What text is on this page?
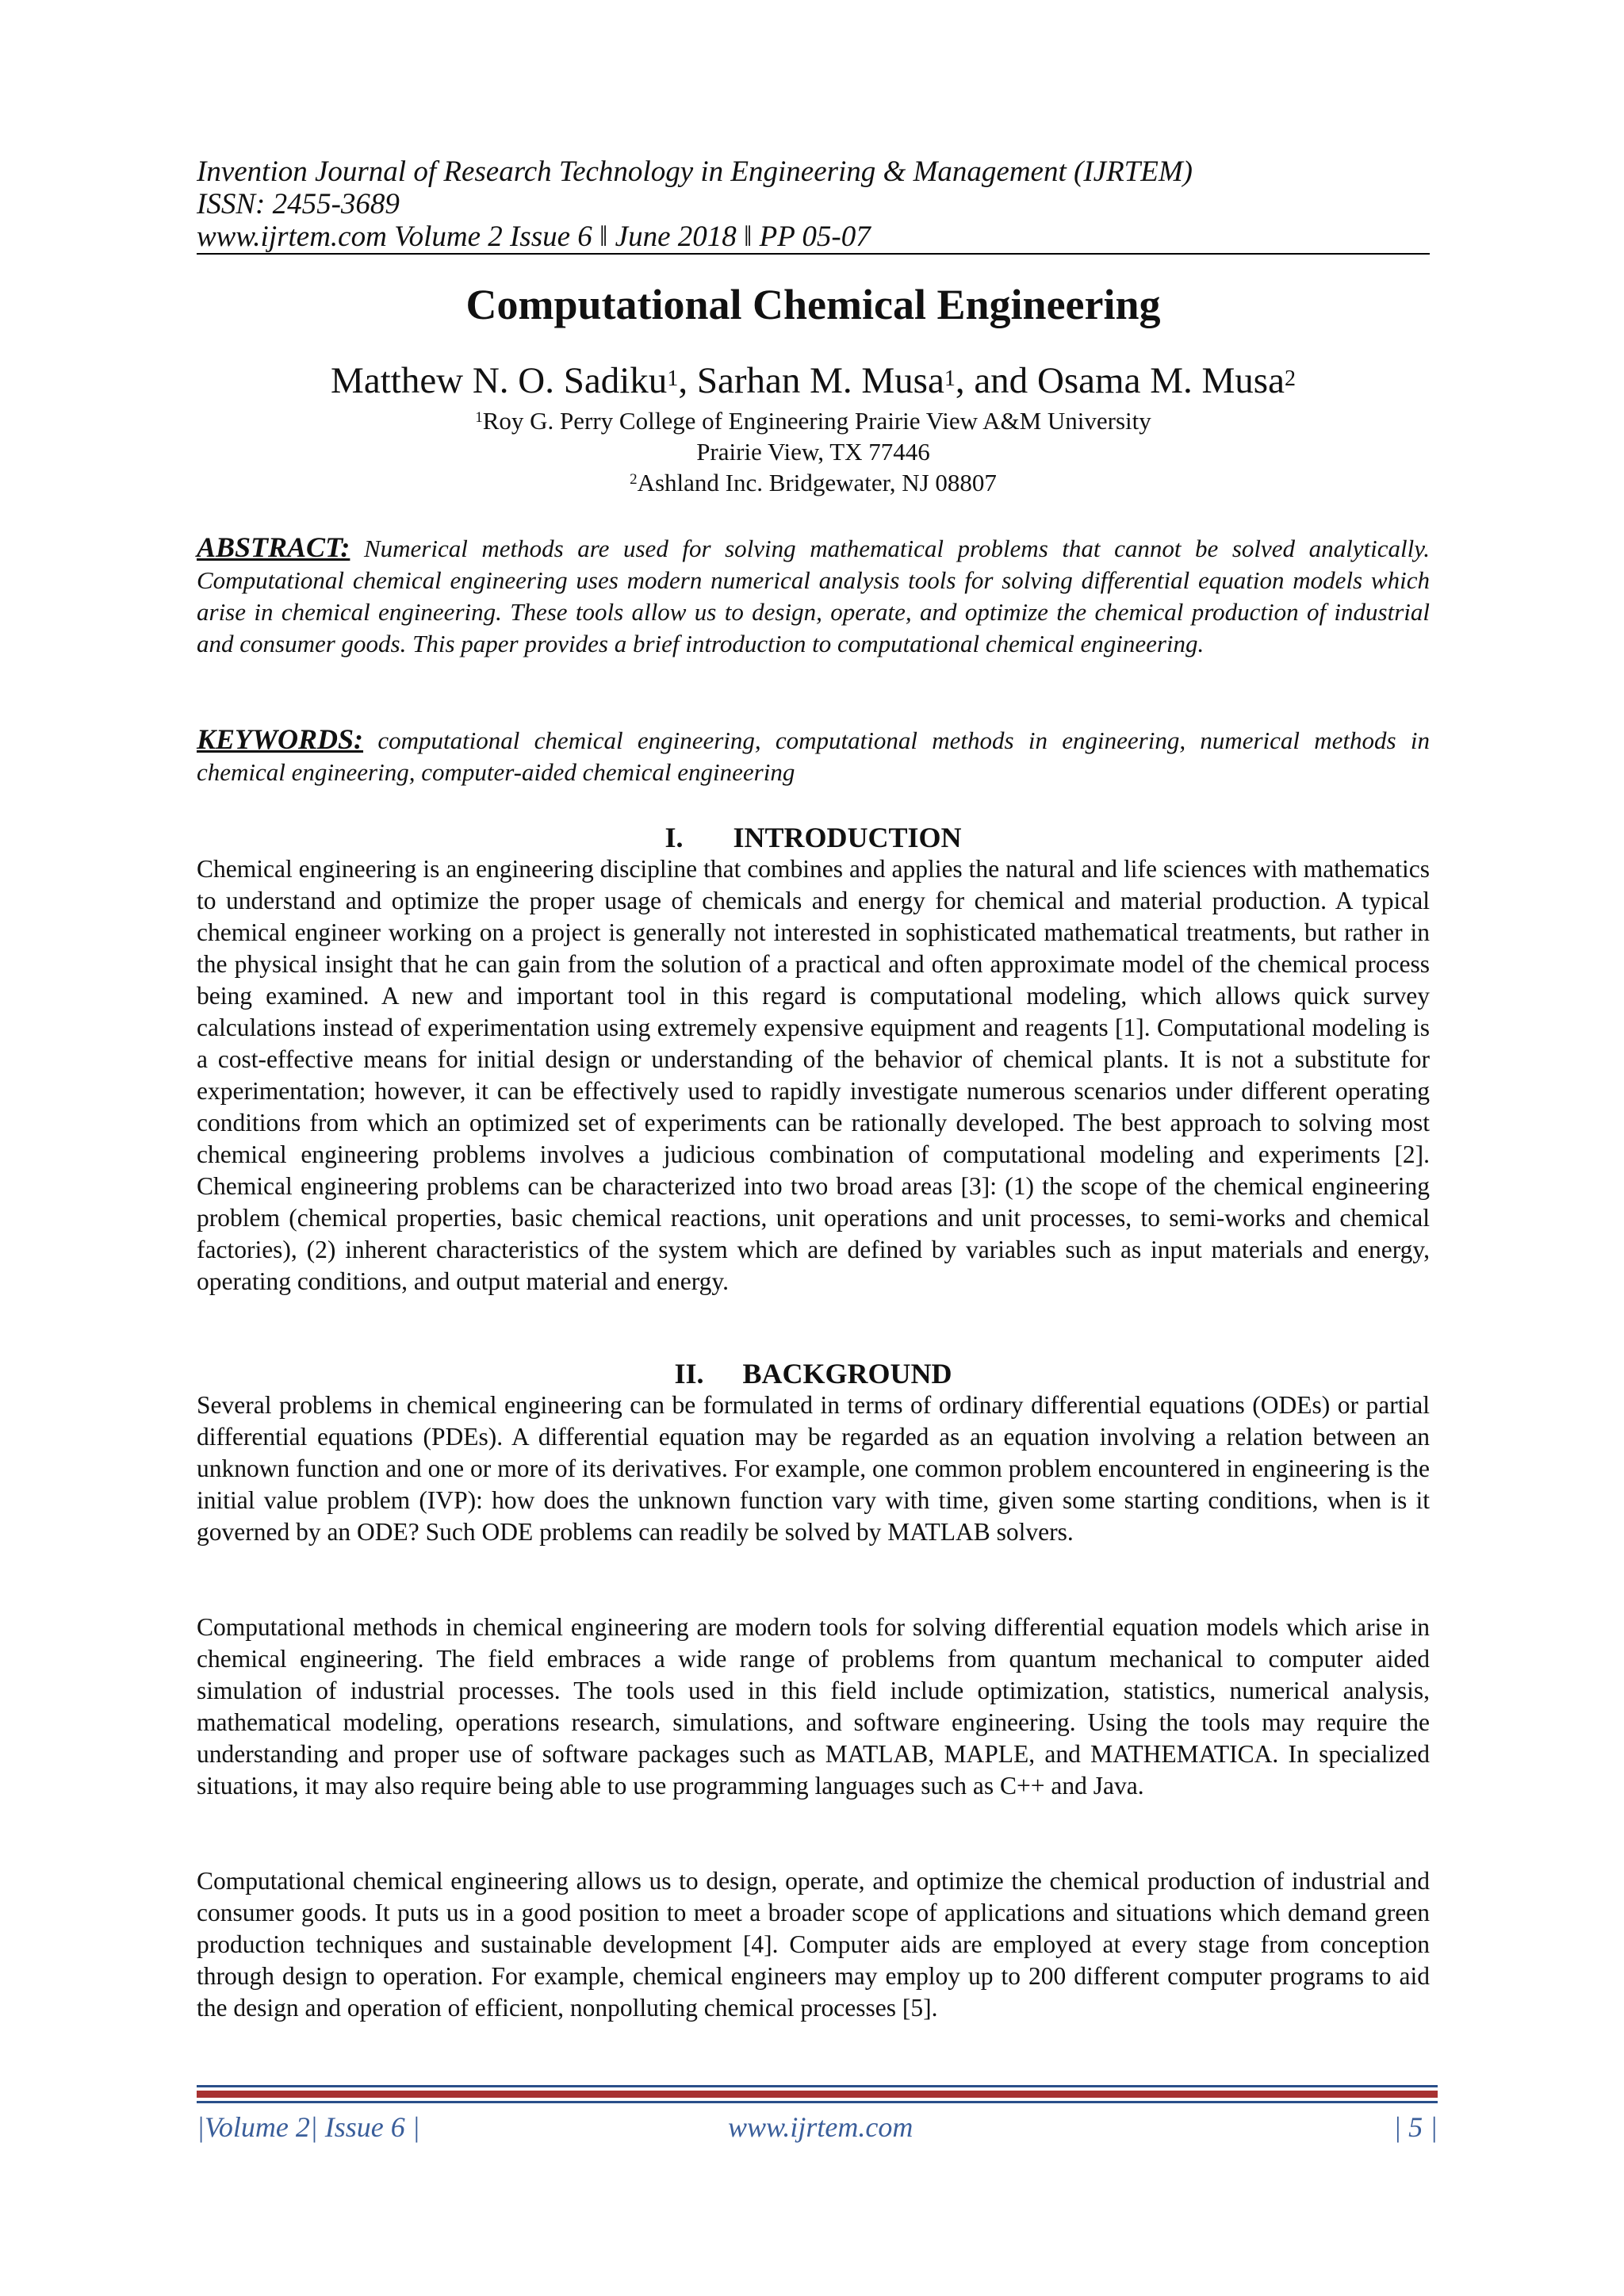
Invention Journal of Research Technology in Engineering & Management (IJRTEM)
ISSN: 2455-3689
www.ijrtem.com Volume 2 Issue 6 ǁ June 2018 ǁ PP 05-07
Computational Chemical Engineering
Matthew N. O. Sadiku$^1$, Sarhan M. Musa$^1$, and Osama M. Musa$^2$
$^1$Roy G. Perry College of Engineering Prairie View A&M University
Prairie View, TX 77446
$^2$Ashland Inc. Bridgewater, NJ 08807
ABSTRACT: Numerical methods are used for solving mathematical problems that cannot be solved analytically. Computational chemical engineering uses modern numerical analysis tools for solving differential equation models which arise in chemical engineering. These tools allow us to design, operate, and optimize the chemical production of industrial and consumer goods. This paper provides a brief introduction to computational chemical engineering.
KEYWORDS: computational chemical engineering, computational methods in engineering, numerical methods in chemical engineering, computer-aided chemical engineering
I. INTRODUCTION
Chemical engineering is an engineering discipline that combines and applies the natural and life sciences with mathematics to understand and optimize the proper usage of chemicals and energy for chemical and material production. A typical chemical engineer working on a project is generally not interested in sophisticated mathematical treatments, but rather in the physical insight that he can gain from the solution of a practical and often approximate model of the chemical process being examined. A new and important tool in this regard is computational modeling, which allows quick survey calculations instead of experimentation using extremely expensive equipment and reagents [1]. Computational modeling is a cost-effective means for initial design or understanding of the behavior of chemical plants. It is not a substitute for experimentation; however, it can be effectively used to rapidly investigate numerous scenarios under different operating conditions from which an optimized set of experiments can be rationally developed. The best approach to solving most chemical engineering problems involves a judicious combination of computational modeling and experiments [2]. Chemical engineering problems can be characterized into two broad areas [3]: (1) the scope of the chemical engineering problem (chemical properties, basic chemical reactions, unit operations and unit processes, to semi-works and chemical factories), (2) inherent characteristics of the system which are defined by variables such as input materials and energy, operating conditions, and output material and energy.
II. BACKGROUND
Several problems in chemical engineering can be formulated in terms of ordinary differential equations (ODEs) or partial differential equations (PDEs). A differential equation may be regarded as an equation involving a relation between an unknown function and one or more of its derivatives. For example, one common problem encountered in engineering is the initial value problem (IVP): how does the unknown function vary with time, given some starting conditions, when is it governed by an ODE? Such ODE problems can readily be solved by MATLAB solvers.
Computational methods in chemical engineering are modern tools for solving differential equation models which arise in chemical engineering. The field embraces a wide range of problems from quantum mechanical to computer aided simulation of industrial processes. The tools used in this field include optimization, statistics, numerical analysis, mathematical modeling, operations research, simulations, and software engineering. Using the tools may require the understanding and proper use of software packages such as MATLAB, MAPLE, and MATHEMATICA. In specialized situations, it may also require being able to use programming languages such as C++ and Java.
Computational chemical engineering allows us to design, operate, and optimize the chemical production of industrial and consumer goods. It puts us in a good position to meet a broader scope of applications and situations which demand green production techniques and sustainable development [4]. Computer aids are employed at every stage from conception through design to operation. For example, chemical engineers may employ up to 200 different computer programs to aid the design and operation of efficient, nonpolluting chemical processes [5].
|Volume 2| Issue 6 |	www.ijrtem.com	| 5 |
